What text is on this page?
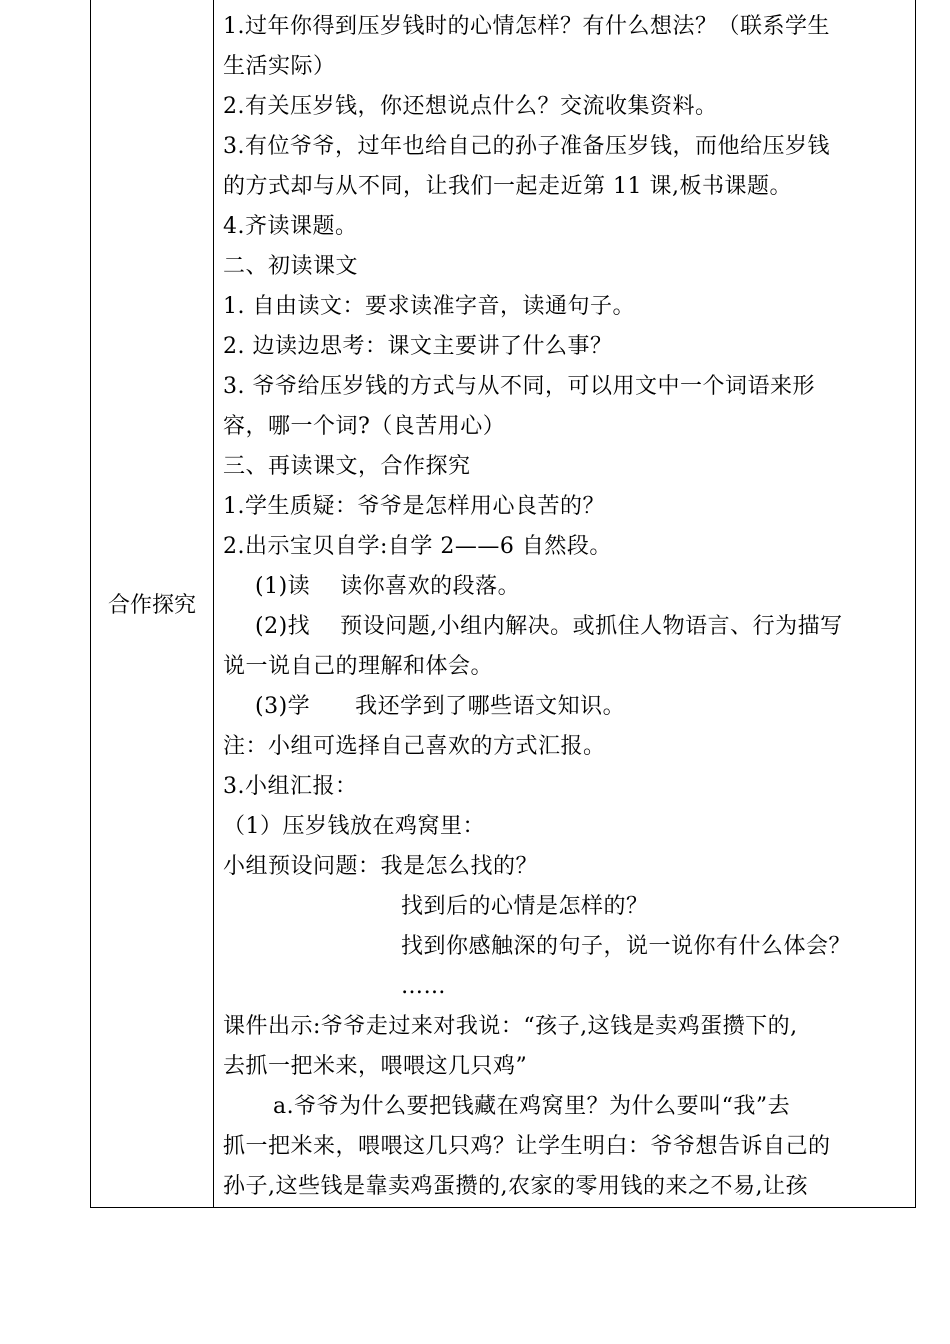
合作探究	
1.过年你得到压岁钱时的心情怎样？有什么想法？（联系学生
生活实际）
2.有关压岁钱，你还想说点什么？交流收集资料。
3.有位爷爷，过年也给自己的孙子准备压岁钱，而他给压岁钱
的方式却与从不同，让我们一起走近第 11 课,板书课题。
4.齐读课题。
二、初读课文
1. 自由读文：要求读准字音，读通句子。
2. 边读边思考：课文主要讲了什么事？
3. 爷爷给压岁钱的方式与从不同，可以用文中一个词语来形
容，哪一个词?（良苦用心）
三、再读课文，合作探究
1.学生质疑：爷爷是怎样用心良苦的？
2.出示宝贝自学:自学 2——6 自然段。
(1)读　 读你喜欢的段落。
(2)找　 预设问题,小组内解决。或抓住人物语言、行为描写
说一说自己的理解和体会。
(3)学　　我还学到了哪些语文知识。
注：小组可选择自己喜欢的方式汇报。
3.小组汇报：
（1）压岁钱放在鸡窝里：
小组预设问题：我是怎么找的？
找到后的心情是怎样的？
找到你感触深的句子，说一说你有什么体会？
……
课件出示:爷爷走过来对我说：“孩子,这钱是卖鸡蛋攒下的,
去抓一把米来，喂喂这几只鸡”
a.爷爷为什么要把钱藏在鸡窝里？为什么要叫“我”去
抓一把米来，喂喂这几只鸡？让学生明白：爷爷想告诉自己的
孙子,这些钱是靠卖鸡蛋攒的,农家的零用钱的来之不易,让孩
